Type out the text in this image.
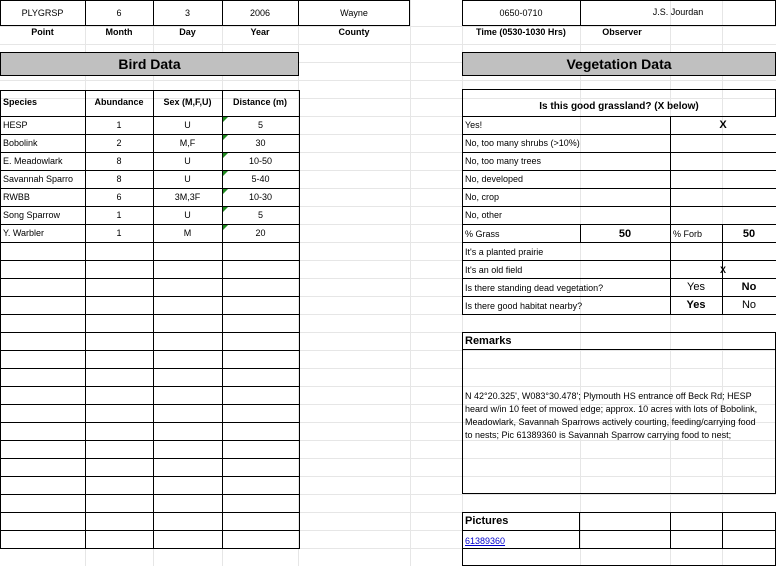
PLYGRSP	6	3	2006	Wayne	0650-0710	J.S. Jourdan
Point	Month	Day	Year	County	Time (0530-1030 Hrs)	Observer
Bird Data	Vegetation Data
Species	Abundance	Sex (M,F,U)	Distance (m)
HESP	1	U	5
Bobolink	2	M,F	30
E. Meadowlark	8	U	10-50
Savannah Sparro	8	U	5-40
RWBB	6	3M,3F	10-30
Song Sparrow	1	U	5
Y. Warbler	1	M	20
Is this good grassland? (X below)
Yes!	X
No, too many shrubs (>10%)
No, too many trees
No, developed
No, crop
No, other
% Grass	50	% Forb	50
It's a planted prairie
It's an old field	X
Is there standing dead vegetation?	Yes	No
Is there good habitat nearby?	Yes	No
Remarks
N 42°20.325', W083°30.478'; Plymouth HS entrance off Beck Rd; HESP heard w/in 10 feet of mowed edge; approx. 10 acres with lots of Bobolink, Meadowlark, Savannah Sparrows actively courting, feeding/carrying food to nests; Pic 61389360 is Savannah Sparrow carrying food to nest;
Pictures
61389360
